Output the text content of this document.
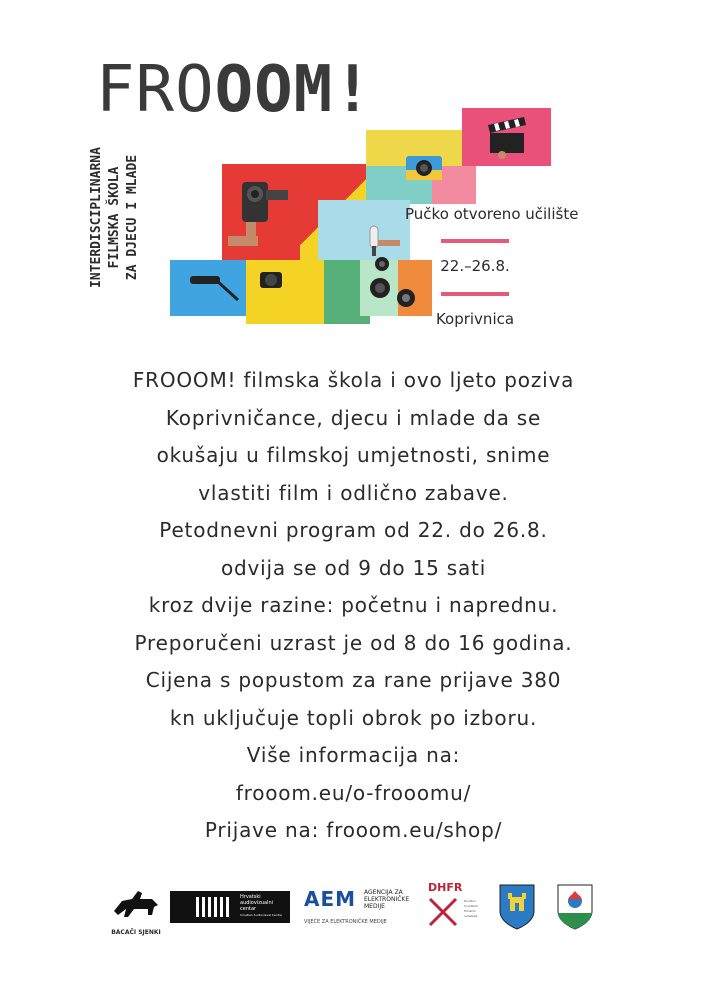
FROOOM!
INTERDISCIPLINARNA FILMSKA ŠKOLA ZA DJECU I MLADE	Pučko otvoreno učilište
22.–26.8.
Koprivnica
FROOOM! filmska škola i ovo ljeto poziva
Koprivničance, djecu i mlade da se
okušaju u filmskoj umjetnosti, snime
vlastiti film i odlično zabave.
Petodnevni program od 22. do 26.8.
odvija se od 9 do 15 sati
kroz dvije razine: početnu i naprednu.
Preporučeni uzrast je od 8 do 16 godina.
Cijena s popustom za rane prijave 380
kn uključuje topli obrok po izboru.
Više informacija na:
frooom.eu/o-frooomu/
Prijave na: frooom.eu/shop/
BACAČI SJENKI
Hrvatski
audiovizualni
centar
Croatian Audiovisual Centre
AEM AGENCIJA ZA
ELEKTRONIČKE
MEDIJE
VIJEĆE ZA ELEKTRONIČKE MEDIJE
DHFR
Društvo
hrvatskih
filmskih
redatelja
